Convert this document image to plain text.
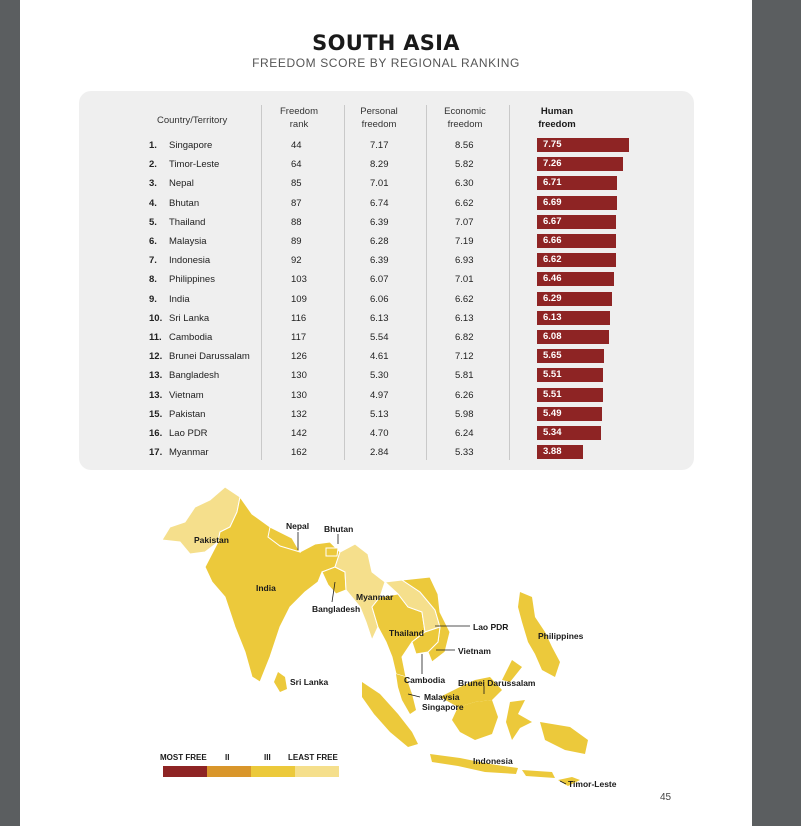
SOUTH ASIA
FREEDOM SCORE BY REGIONAL RANKING
Country/Territory
Freedom
rank
Personal
freedom
Economic
freedom
Human
freedom
1. Singapore	44	7.17	8.56	7.75
2. Timor-Leste	64	8.29	5.82	7.26
3. Nepal	85	7.01	6.30	6.71
4. Bhutan	87	6.74	6.62	6.69
5. Thailand	88	6.39	7.07	6.67
6. Malaysia	89	6.28	7.19	6.66
7. Indonesia	92	6.39	6.93	6.62
8. Philippines	103	6.07	7.01	6.46
9. India	109	6.06	6.62	6.29
10. Sri Lanka	116	6.13	6.13	6.13
11. Cambodia	117	5.54	6.82	6.08
12. Brunei Darussalam	126	4.61	7.12	5.65
13. Bangladesh	130	5.30	5.81	5.51
13. Vietnam	130	4.97	6.26	5.51
15. Pakistan	132	5.13	5.98	5.49
16. Lao PDR	142	4.70	6.24	5.34
17. Myanmar	162	2.84	5.33	3.88
Pakistan
Nepal Bhutan
India
Bangladesh
Myanmar
Thailand
Lao PDR
Vietnam
Philippines
Sri Lanka	Cambodia Brunei Darussalam
Malaysia
Singapore
Indonesia
Timor-Leste
MOST FREE II	III LEAST FREE
45
